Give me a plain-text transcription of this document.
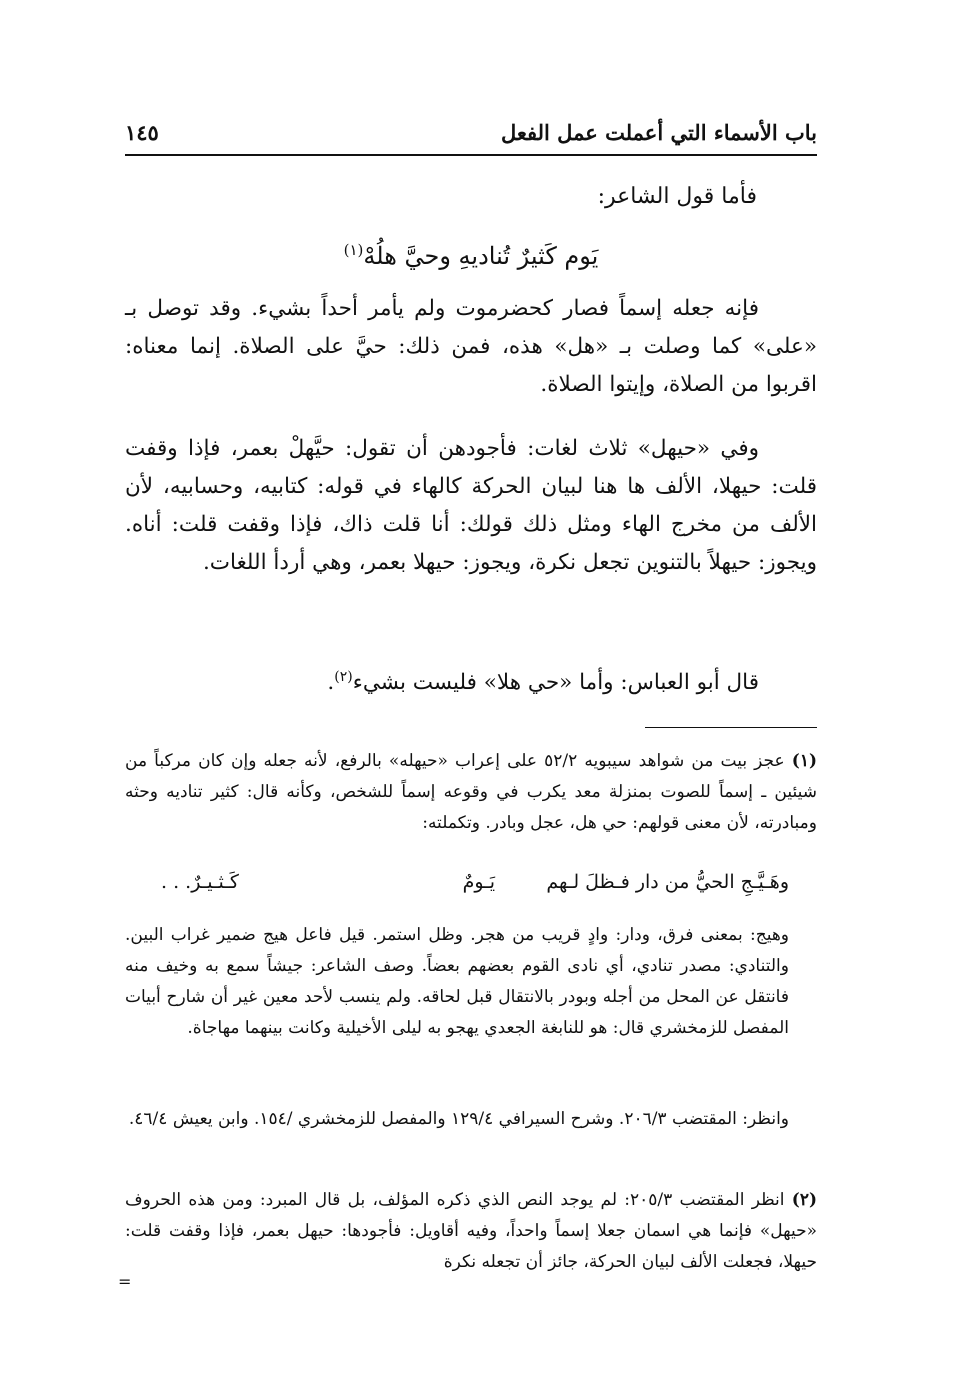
باب الأسماء التي أعملت عمل الفعل
١٤٥
فأما قول الشاعر:
يَوم كَثيرٌ تُناديهِ وحيَّ هلُهْ$^{(١)}$
فإنه جعله إسماً فصار كحضرموت ولم يأمر أحداً بشيء. وقد توصل بـ «على» كما وصلت بـ «هل» هذه، فمن ذلك: حيَّ على الصلاة. إنما معناه: اقربوا من الصلاة، وإيتوا الصلاة.
وفي «حيهل» ثلاث لغات: فأجودهن أن تقول: حيَّهلْ بعمر، فإذا وقفت قلت: حيهلا، الألف ها هنا لبيان الحركة كالهاء في قوله: كتابيه، وحسابيه، لأن الألف من مخرج الهاء ومثل ذلك قولك: أنا قلت ذاك، فإذا وقفت قلت: أناه. ويجوز: حيهلاً بالتنوين تجعل نكرة، ويجوز: حيهلا بعمر، وهي أردأ اللغات.
قال أبو العباس: وأما «حي هلا» فليست بشيء$^{(٢)}$.
(١) عجز بيت من شواهد سيبويه ٥٢/٢ على إعراب «حيهله» بالرفع، لأنه جعله وإن كان مركباً من شيئين ـ إسماً للصوت بمنزلة معد يكرب في وقوعه إسماً للشخص، وكأنه قال: كثير تناديه وحثه ومبادرته، لأن معنى قولهم: حي هل، عجل وبادر. وتكملته:
وهَـيَّـجِ الحيُّ من دار فـظلَ لـهم
يَـومٌ
كَـثـيـرٌ. . .
وهيج: بمعنى فرق، ودار: وادٍ قريب من هجر. وظل استمر. قيل فاعل هيج ضمير غراب البين. والتنادي: مصدر تنادي، أي نادى القوم بعضهم بعضاً. وصف الشاعر: جيشاً سمع به وخيف منه فانتقل عن المحل من أجله وبودر بالانتقال قبل لحاقه. ولم ينسب لأحد معين غير أن شارح أبيات المفصل للزمخشري قال: هو للنابغة الجعدي يهجو به ليلى الأخيلية وكانت بينهما مهاجاة.
وانظر: المقتضب ٢٠٦/٣. وشرح السيرافي ١٢٩/٤ والمفصل للزمخشري /١٥٤. وابن يعيش ٤٦/٤.
(٢) انظر المقتضب ٢٠٥/٣: لم يوجد النص الذي ذكره المؤلف، بل قال المبرد: ومن هذه الحروف «حيهل» فإنما هي اسمان جعلا إسماً واحداً، وفيه أقاويل: فأجودها: حيهل بعمر، فإذا وقفت قلت: حيهلا، فجعلت الألف لبيان الحركة، جائز أن تجعله نكرة
=
